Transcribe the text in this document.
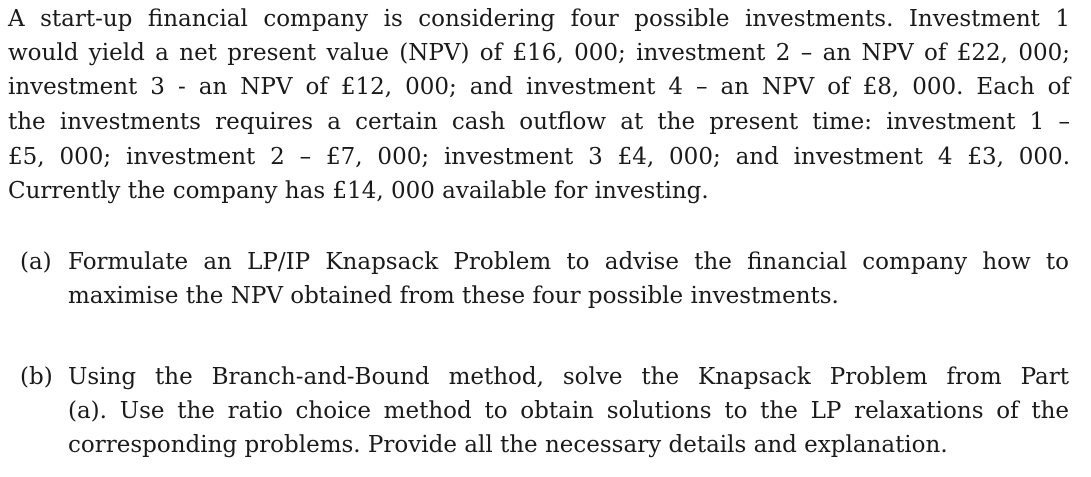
A start-up financial company is considering four possible investments. Investment 1
would yield a net present value (NPV) of £16, 000; investment 2 – an NPV of £22, 000;
investment 3 - an NPV of £12, 000; and investment 4 – an NPV of £8, 000. Each of
the investments requires a certain cash outflow at the present time: investment 1 –
£5, 000; investment 2 – £7, 000; investment 3 £4, 000; and investment 4 £3, 000.
Currently the company has £14, 000 available for investing.
(a) Formulate an LP/IP Knapsack Problem to advise the financial company how to
maximise the NPV obtained from these four possible investments.
(b) Using the Branch-and-Bound method, solve the Knapsack Problem from Part
(a). Use the ratio choice method to obtain solutions to the LP relaxations of the
corresponding problems. Provide all the necessary details and explanation.
